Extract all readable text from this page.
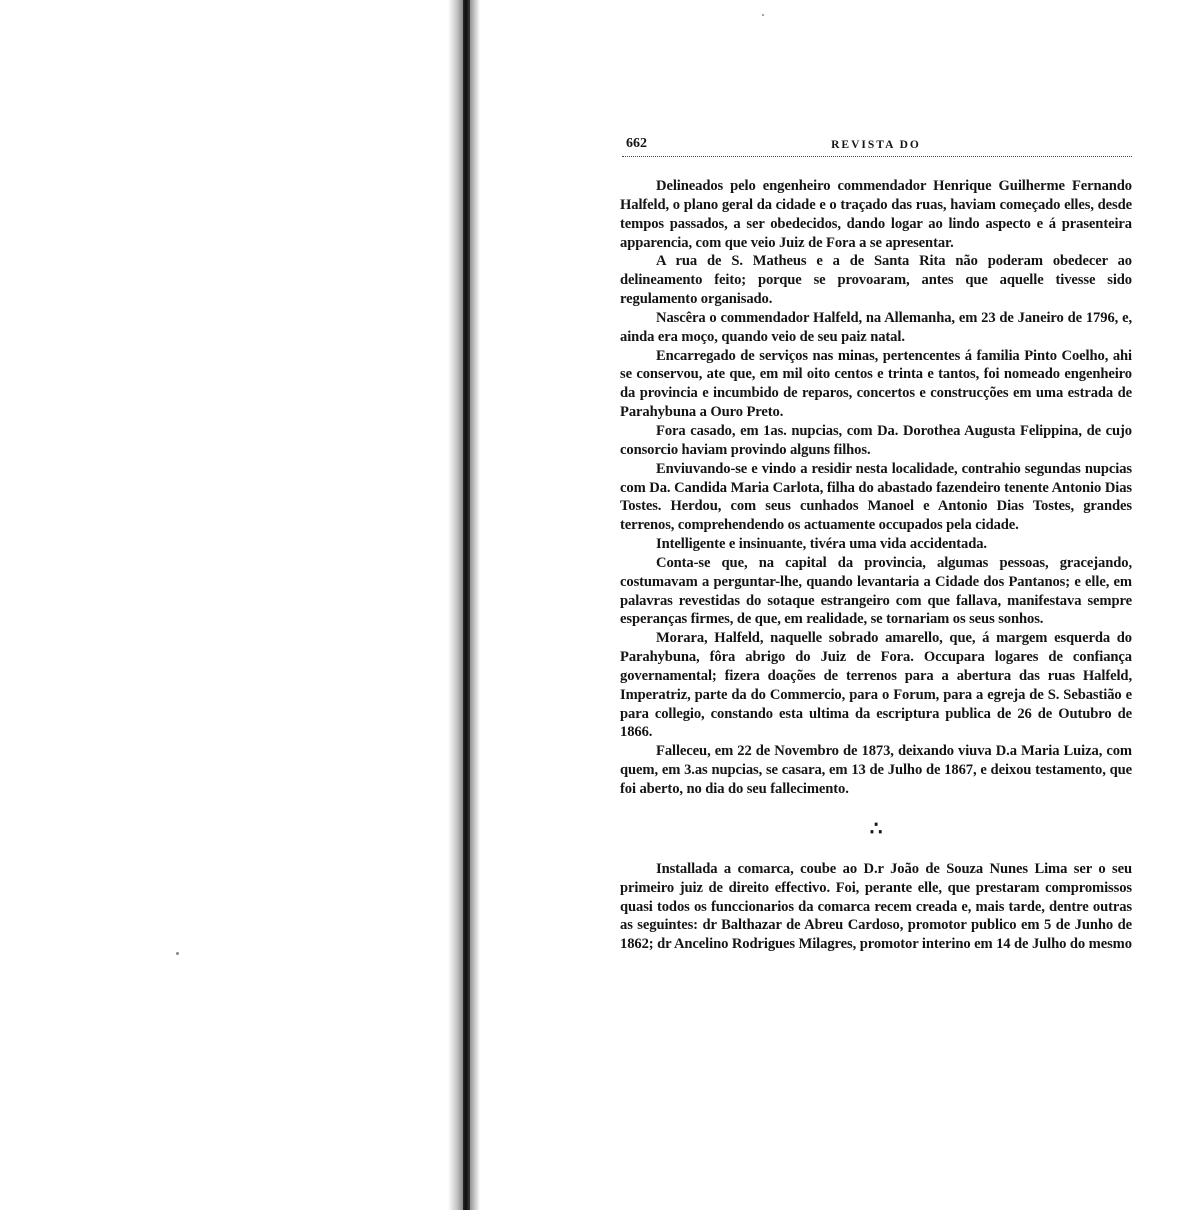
662	REVISTA DO

Delineados pelo engenheiro commendador Henrique Guilherme Fernando Halfeld, o plano geral da cidade e o traçado das ruas, haviam começado elles, desde tempos passados, a ser obedecidos, dando logar ao lindo aspecto e á prasenteira apparencia, com que veio Juiz de Fora a se apresentar.

A rua de S. Matheus e a de Santa Rita não poderam obedecer ao delineamento feito; porque se provoaram, antes que aquelle tivesse sido regulamento organisado.

Nascêra o commendador Halfeld, na Allemanha, em 23 de Janeiro de 1796, e, ainda era moço, quando veio de seu paiz natal.

Encarregado de serviços nas minas, pertencentes á familia Pinto Coelho, ahi se conservou, ate que, em mil oito centos e trinta e tantos, foi nomeado engenheiro da provincia e incumbido de reparos, concertos e construcções em uma estrada de Parahybuna a Ouro Preto.

Fora casado, em 1as. nupcias, com Da. Dorothea Augusta Felippina, de cujo consorcio haviam provindo alguns filhos.

Enviuvando-se e vindo a residir nesta localidade, contrahio segundas nupcias com Da. Candida Maria Carlota, filha do abastado fazendeiro tenente Antonio Dias Tostes. Herdou, com seus cunhados Manoel e Antonio Dias Tostes, grandes terrenos, comprehendendo os actuamente occupados pela cidade.

Intelligente e insinuante, tivéra uma vida accidentada.

Conta-se que, na capital da provincia, algumas pessoas, gracejando, costumavam a perguntar-lhe, quando levantaria a Cidade dos Pantanos; e elle, em palavras revestidas do sotaque estrangeiro com que fallava, manifestava sempre esperanças firmes, de que, em realidade, se tornariam os seus sonhos.

Morara, Halfeld, naquelle sobrado amarello, que, á margem esquerda do Parahybuna, fôra abrigo do Juiz de Fora. Occupara logares de confiança governamental; fizera doações de terrenos para a abertura das ruas Halfeld, Imperatriz, parte da do Commercio, para o Forum, para a egreja de S. Sebastião e para collegio, constando esta ultima da escriptura publica de 26 de Outubro de 1866.

Falleceu, em 22 de Novembro de 1873, deixando viuva D.a Maria Luiza, com quem, em 3.as nupcias, se casara, em 13 de Julho de 1867, e deixou testamento, que foi aberto, no dia do seu fallecimento.

∴

Installada a comarca, coube ao D.r João de Souza Nunes Lima ser o seu primeiro juiz de direito effectivo. Foi, perante elle, que prestaram compromissos quasi todos os funccionarios da comarca recem creada e, mais tarde, dentre outras as seguintes: dr Balthazar de Abreu Cardoso, promotor publico em 5 de Junho de 1862; dr Ancelino Rodrigues Milagres, promotor interino em 14 de Julho do mesmo
